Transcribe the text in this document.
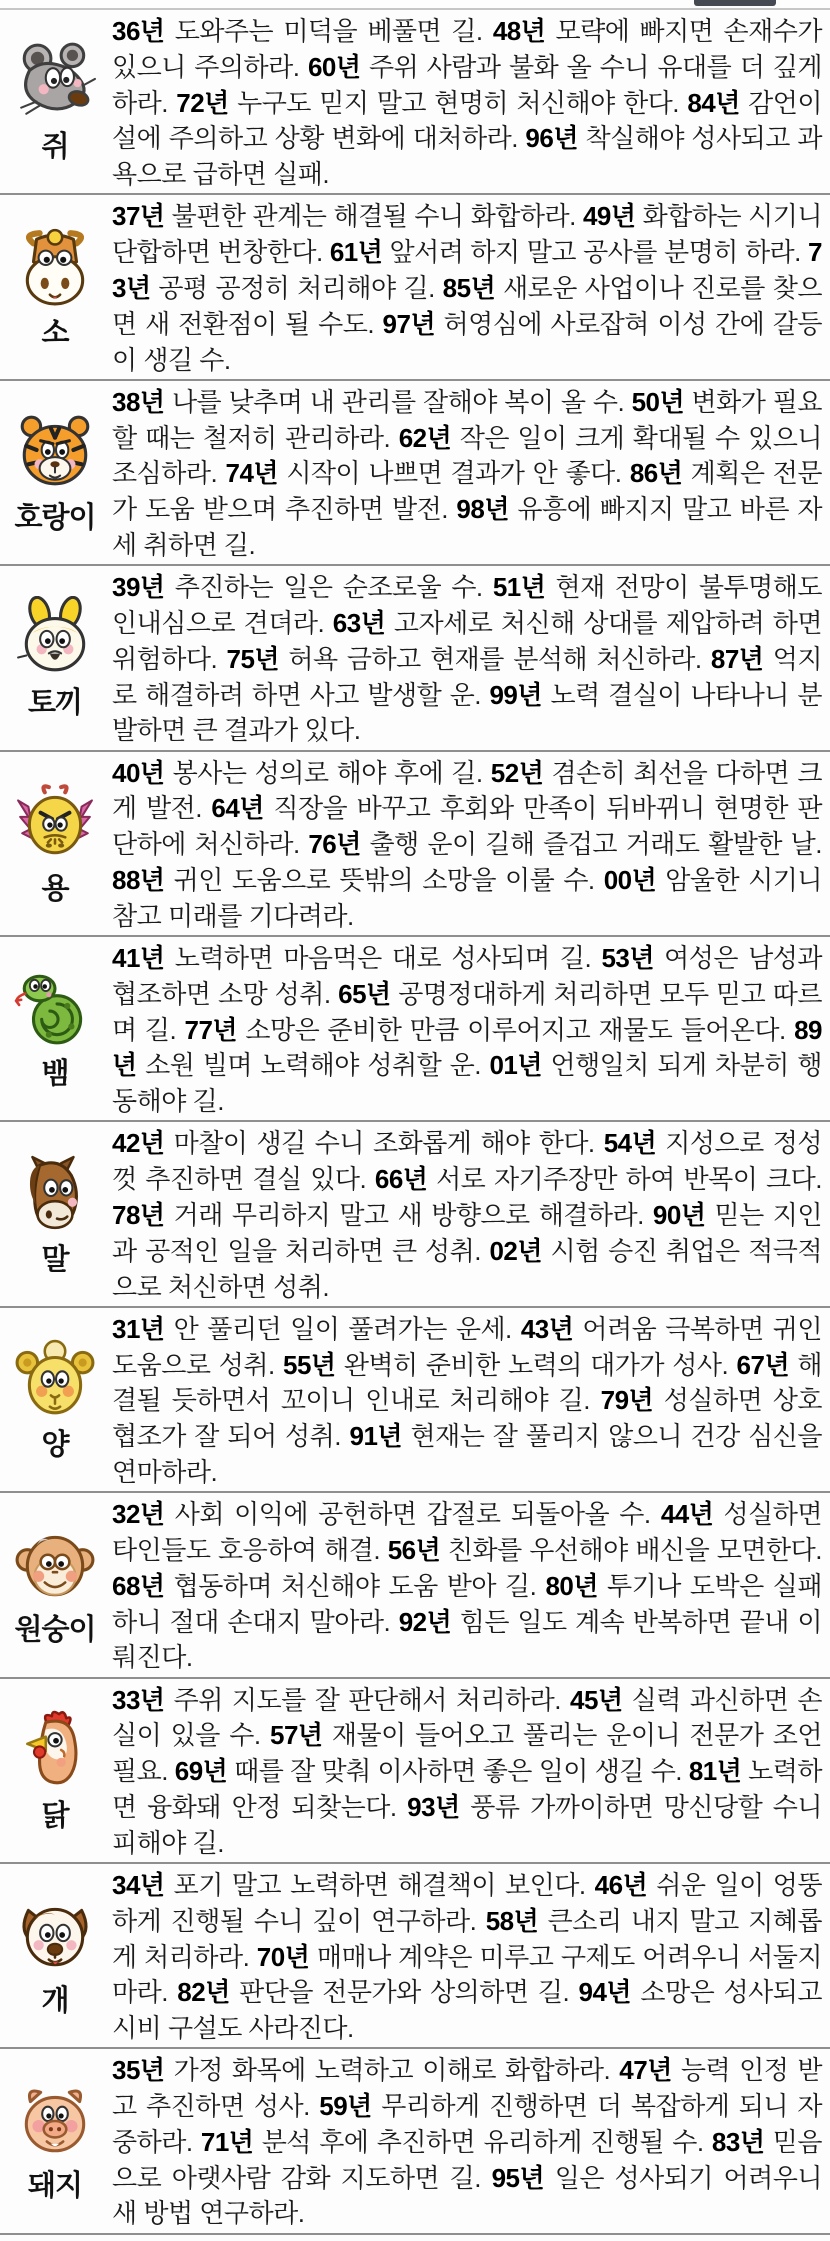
쥐

36년 도와주는 미덕을 베풀면 길. 48년 모략에 빠지면 손재수가 있으니 주의하라. 60년 주위 사람과 불화 올 수니 유대를 더 깊게 하라. 72년 누구도 믿지 말고 현명히 처신해야 한다. 84년 감언이설에 주의하고 상황 변화에 대처하라. 96년 착실해야 성사되고 과욕으로 급하면 실패.

소

37년 불편한 관계는 해결될 수니 화합하라. 49년 화합하는 시기니 단합하면 번창한다. 61년 앞서려 하지 말고 공사를 분명히 하라. 73년 공평 공정히 처리해야 길. 85년 새로운 사업이나 진로를 찾으면 새 전환점이 될 수도. 97년 허영심에 사로잡혀 이성 간에 갈등이 생길 수.

호랑이

38년 나를 낮추며 내 관리를 잘해야 복이 올 수. 50년 변화가 필요할 때는 철저히 관리하라. 62년 작은 일이 크게 확대될 수 있으니 조심하라. 74년 시작이 나쁘면 결과가 안 좋다. 86년 계획은 전문가 도움 받으며 추진하면 발전. 98년 유흥에 빠지지 말고 바른 자세 취하면 길.

토끼

39년 추진하는 일은 순조로울 수. 51년 현재 전망이 불투명해도 인내심으로 견뎌라. 63년 고자세로 처신해 상대를 제압하려 하면 위험하다. 75년 허욕 금하고 현재를 분석해 처신하라. 87년 억지로 해결하려 하면 사고 발생할 운. 99년 노력 결실이 나타나니 분발하면 큰 결과가 있다.

용

40년 봉사는 성의로 해야 후에 길. 52년 겸손히 최선을 다하면 크게 발전. 64년 직장을 바꾸고 후회와 만족이 뒤바뀌니 현명한 판단하에 처신하라. 76년 출행 운이 길해 즐겁고 거래도 활발한 날. 88년 귀인 도움으로 뜻밖의 소망을 이룰 수. 00년 암울한 시기니 참고 미래를 기다려라.

뱀

41년 노력하면 마음먹은 대로 성사되며 길. 53년 여성은 남성과 협조하면 소망 성취. 65년 공명정대하게 처리하면 모두 믿고 따르며 길. 77년 소망은 준비한 만큼 이루어지고 재물도 들어온다. 89년 소원 빌며 노력해야 성취할 운. 01년 언행일치 되게 차분히 행동해야 길.

말

42년 마찰이 생길 수니 조화롭게 해야 한다. 54년 지성으로 정성껏 추진하면 결실 있다. 66년 서로 자기주장만 하여 반목이 크다. 78년 거래 무리하지 말고 새 방향으로 해결하라. 90년 믿는 지인과 공적인 일을 처리하면 큰 성취. 02년 시험 승진 취업은 적극적으로 처신하면 성취.

양

31년 안 풀리던 일이 풀려가는 운세. 43년 어려움 극복하면 귀인 도움으로 성취. 55년 완벽히 준비한 노력의 대가가 성사. 67년 해결될 듯하면서 꼬이니 인내로 처리해야 길. 79년 성실하면 상호 협조가 잘 되어 성취. 91년 현재는 잘 풀리지 않으니 건강 심신을 연마하라.

원숭이

32년 사회 이익에 공헌하면 갑절로 되돌아올 수. 44년 성실하면 타인들도 호응하여 해결. 56년 친화를 우선해야 배신을 모면한다. 68년 협동하며 처신해야 도움 받아 길. 80년 투기나 도박은 실패하니 절대 손대지 말아라. 92년 힘든 일도 계속 반복하면 끝내 이뤄진다.

닭

33년 주위 지도를 잘 판단해서 처리하라. 45년 실력 과신하면 손실이 있을 수. 57년 재물이 들어오고 풀리는 운이니 전문가 조언 필요. 69년 때를 잘 맞춰 이사하면 좋은 일이 생길 수. 81년 노력하면 융화돼 안정 되찾는다. 93년 풍류 가까이하면 망신당할 수니 피해야 길.

개

34년 포기 말고 노력하면 해결책이 보인다. 46년 쉬운 일이 엉뚱하게 진행될 수니 깊이 연구하라. 58년 큰소리 내지 말고 지혜롭게 처리하라. 70년 매매나 계약은 미루고 구제도 어려우니 서둘지 마라. 82년 판단을 전문가와 상의하면 길. 94년 소망은 성사되고 시비 구설도 사라진다.

돼지

35년 가정 화목에 노력하고 이해로 화합하라. 47년 능력 인정 받고 추진하면 성사. 59년 무리하게 진행하면 더 복잡하게 되니 자중하라. 71년 분석 후에 추진하면 유리하게 진행될 수. 83년 믿음으로 아랫사람 감화 지도하면 길. 95년 일은 성사되기 어려우니 새 방법 연구하라.
